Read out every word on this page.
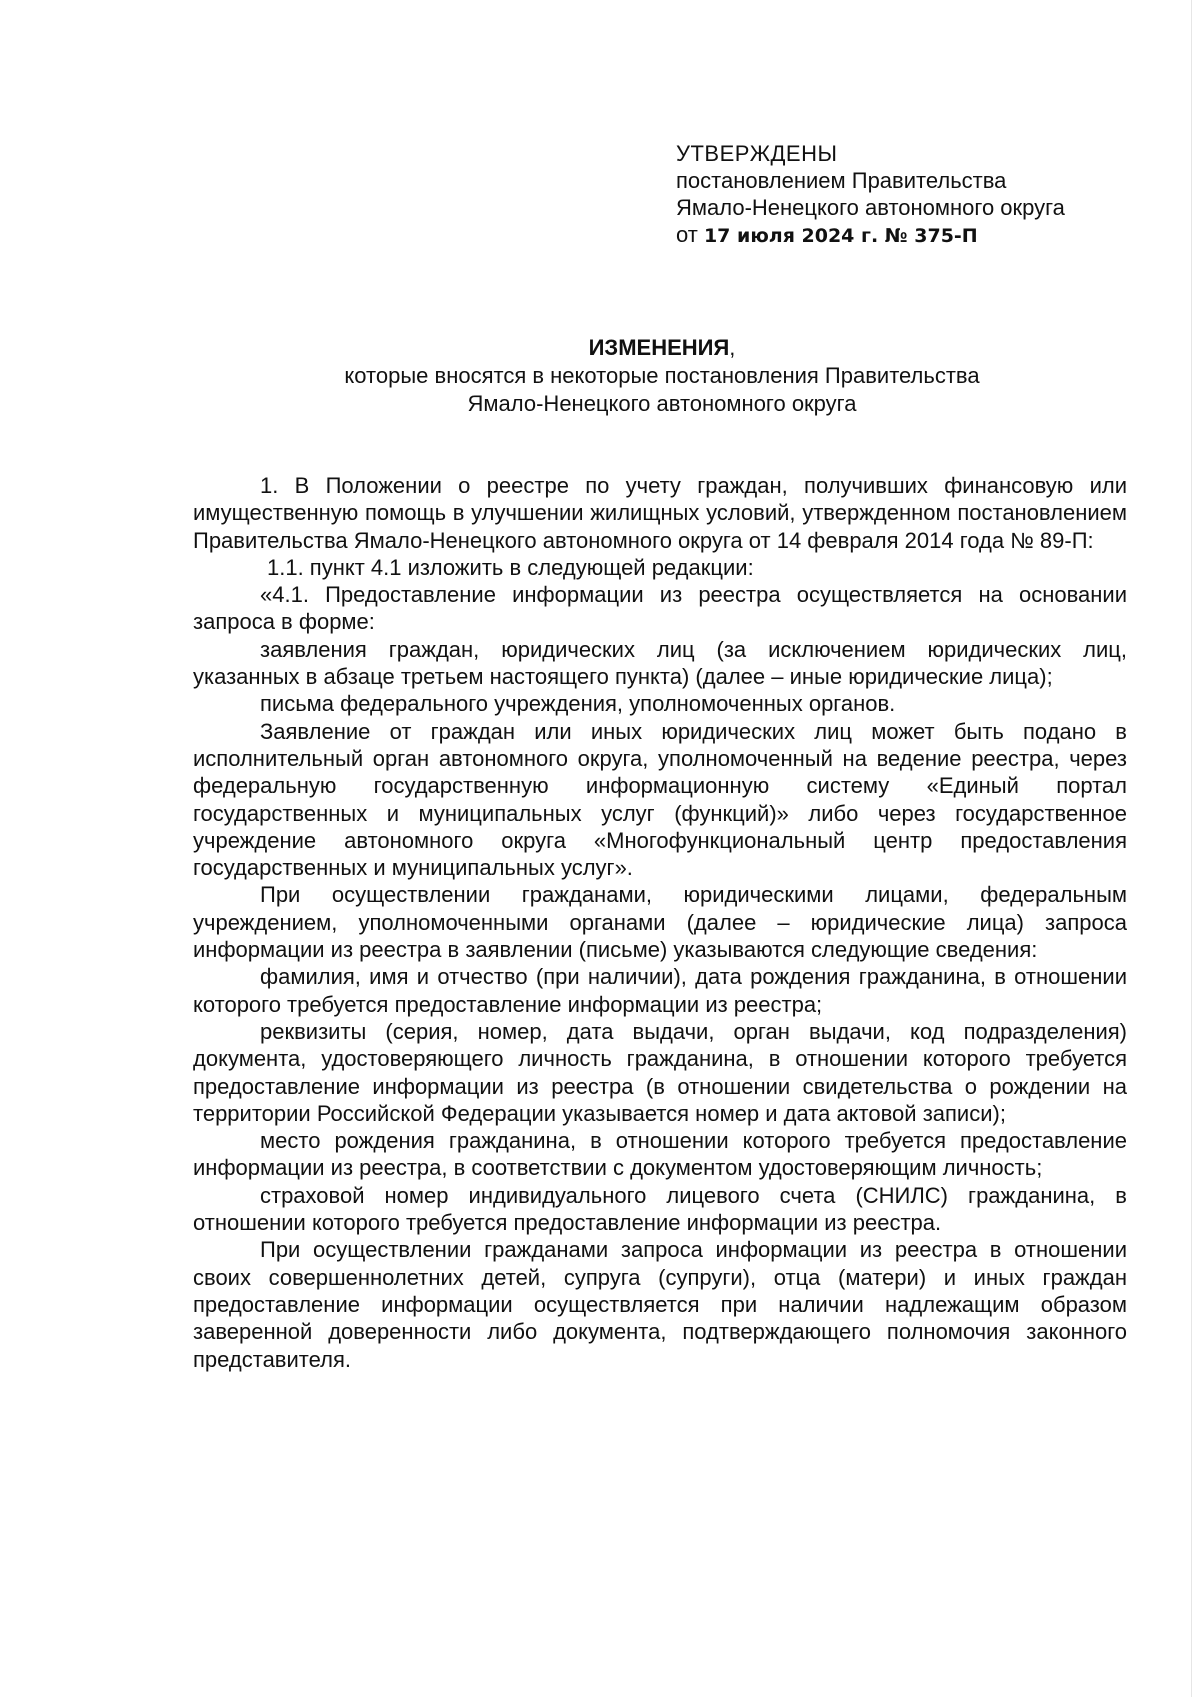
УТВЕРЖДЕНЫ

постановлением Правительства

Ямало-Ненецкого автономного округа

от 17 июля 2024 г. № 375-П

ИЗМЕНЕНИЯ,
которые вносятся в некоторые постановления Правительства
Ямало-Ненецкого автономного округа

1. В Положении о реестре по учету граждан, получивших финансовую или имущественную помощь в улучшении жилищных условий, утвержденном постановлением Правительства Ямало-Ненецкого автономного округа от 14 февраля 2014 года № 89-П:

1.1. пункт 4.1 изложить в следующей редакции:

«4.1. Предоставление информации из реестра осуществляется на основании запроса в форме:

заявления граждан, юридических лиц (за исключением юридических лиц, указанных в абзаце третьем настоящего пункта) (далее – иные юридические лица);

письма федерального учреждения, уполномоченных органов.

Заявление от граждан или иных юридических лиц может быть подано в исполнительный орган автономного округа, уполномоченный на ведение реестра, через федеральную государственную информационную систему «Единый портал государственных и муниципальных услуг (функций)» либо через государственное учреждение автономного округа «Многофункциональный центр предоставления государственных и муниципальных услуг».

При осуществлении гражданами, юридическими лицами, федеральным учреждением, уполномоченными органами (далее – юридические лица) запроса информации из реестра в заявлении (письме) указываются следующие сведения:

фамилия, имя и отчество (при наличии), дата рождения гражданина, в отношении которого требуется предоставление информации из реестра;

реквизиты (серия, номер, дата выдачи, орган выдачи, код подразделения) документа, удостоверяющего личность гражданина, в отношении которого требуется предоставление информации из реестра (в отношении свидетельства о рождении на территории Российской Федерации указывается номер и дата актовой записи);

место рождения гражданина, в отношении которого требуется предоставление информации из реестра, в соответствии с документом удостоверяющим личность;

страховой номер индивидуального лицевого счета (СНИЛС) гражданина, в отношении которого требуется предоставление информации из реестра.

При осуществлении гражданами запроса информации из реестра в отношении своих совершеннолетних детей, супруга (супруги), отца (матери) и иных граждан предоставление информации осуществляется при наличии надлежащим образом заверенной доверенности либо документа, подтверждающего полномочия законного представителя.
